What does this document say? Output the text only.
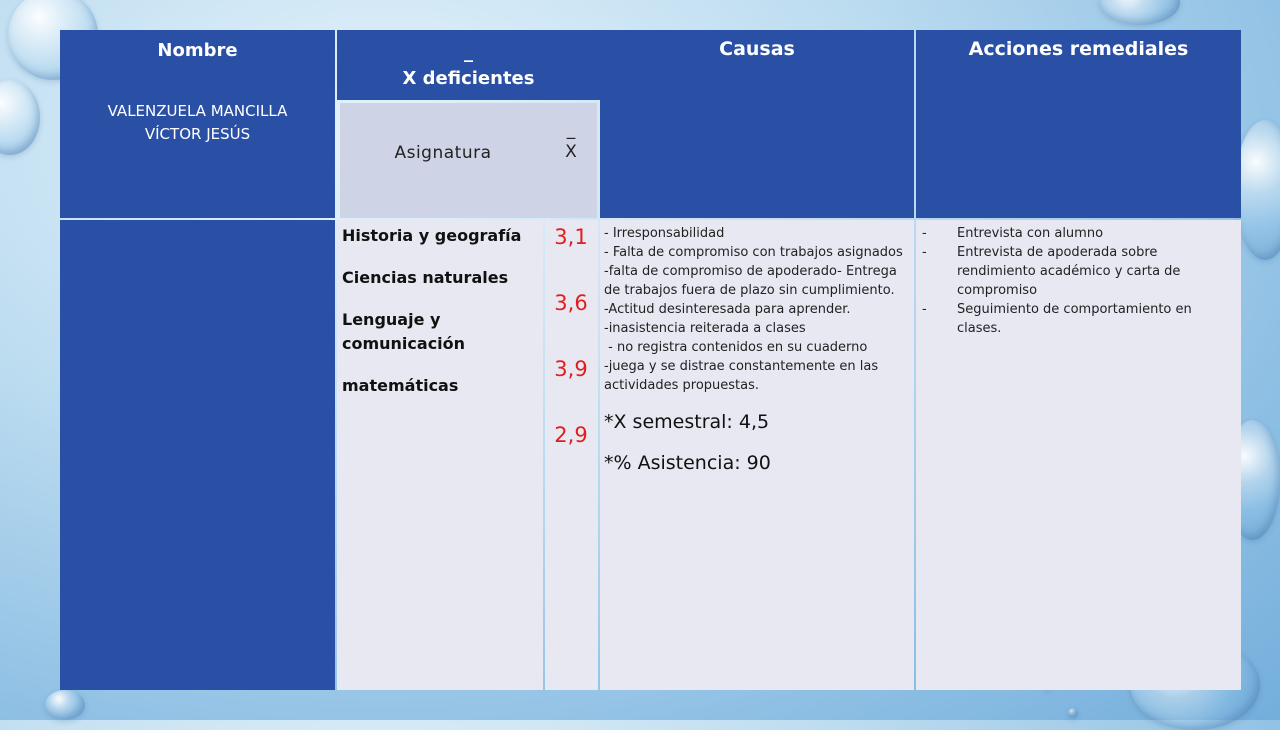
Nombre
VALENZUELA MANCILLA
VÍCTOR JESÚS
_
X deficientes
Asignatura
_
X
Causas	Acciones remediales
Historia y geografía
Ciencias naturales
Lenguaje y comunicación
matemáticas
3,1
3,6
3,9
2,9
- Irresponsabilidad
- Falta de compromiso con trabajos asignados
-falta de compromiso de apoderado- Entrega de trabajos fuera de plazo sin cumplimiento.
-Actitud desinteresada para aprender.
-inasistencia reiterada a clases
- no registra contenidos en su cuaderno
-juega y se distrae constantemente en las actividades propuestas.
*X semestral: 4,5
*% Asistencia: 90
- Entrevista con alumno
- Entrevista de apoderada sobre rendimiento académico y carta de compromiso
- Seguimiento de comportamiento en clases.
